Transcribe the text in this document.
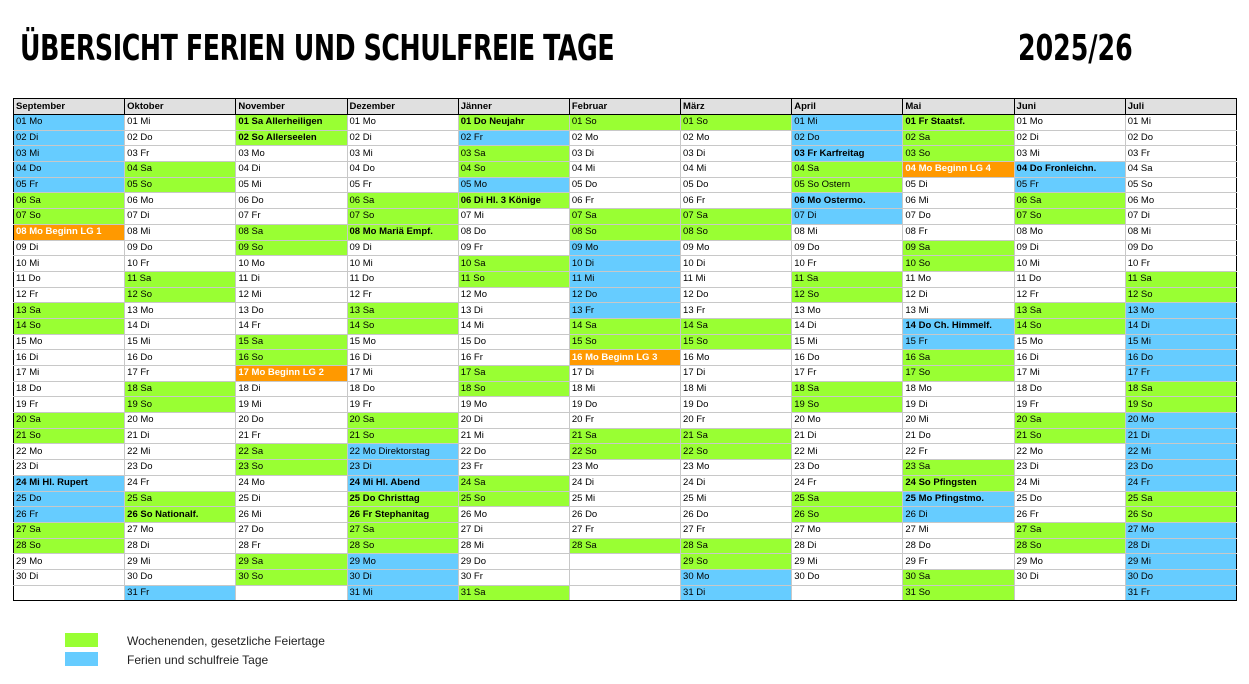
ÜBERSICHT FERIEN UND SCHULFREIE TAGE	2025/26
September	Oktober	November	Dezember	Jänner	Februar	März	April	Mai	Juni	Juli
01 Mo	01 Mi	01 Sa Allerheiligen	01 Mo	01 Do Neujahr	01 So	01 So	01 Mi	01 Fr Staatsf.	01 Mo	01 Mi
02 Di	02 Do	02 So Allerseelen	02 Di	02 Fr	02 Mo	02 Mo	02 Do	02 Sa	02 Di	02 Do
03 Mi	03 Fr	03 Mo	03 Mi	03 Sa	03 Di	03 Di	03 Fr Karfreitag	03 So	03 Mi	03 Fr
04 Do	04 Sa	04 Di	04 Do	04 So	04 Mi	04 Mi	04 Sa	04 Mo Beginn LG 4	04 Do Fronleichn.	04 Sa
05 Fr	05 So	05 Mi	05 Fr	05 Mo	05 Do	05 Do	05 So Ostern	05 Di	05 Fr	05 So
06 Sa	06 Mo	06 Do	06 Sa	06 Di Hl. 3 Könige	06 Fr	06 Fr	06 Mo Ostermo.	06 Mi	06 Sa	06 Mo
07 So	07 Di	07 Fr	07 So	07 Mi	07 Sa	07 Sa	07 Di	07 Do	07 So	07 Di
08 Mo Beginn LG 1	08 Mi	08 Sa	08 Mo Mariä Empf.	08 Do	08 So	08 So	08 Mi	08 Fr	08 Mo	08 Mi
09 Di	09 Do	09 So	09 Di	09 Fr	09 Mo	09 Mo	09 Do	09 Sa	09 Di	09 Do
10 Mi	10 Fr	10 Mo	10 Mi	10 Sa	10 Di	10 Di	10 Fr	10 So	10 Mi	10 Fr
11 Do	11 Sa	11 Di	11 Do	11 So	11 Mi	11 Mi	11 Sa	11 Mo	11 Do	11 Sa
12 Fr	12 So	12 Mi	12 Fr	12 Mo	12 Do	12 Do	12 So	12 Di	12 Fr	12 So
13 Sa	13 Mo	13 Do	13 Sa	13 Di	13 Fr	13 Fr	13 Mo	13 Mi	13 Sa	13 Mo
14 So	14 Di	14 Fr	14 So	14 Mi	14 Sa	14 Sa	14 Di	14 Do Ch. Himmelf.	14 So	14 Di
15 Mo	15 Mi	15 Sa	15 Mo	15 Do	15 So	15 So	15 Mi	15 Fr	15 Mo	15 Mi
16 Di	16 Do	16 So	16 Di	16 Fr	16 Mo Beginn LG 3	16 Mo	16 Do	16 Sa	16 Di	16 Do
17 Mi	17 Fr	17 Mo Beginn LG 2	17 Mi	17 Sa	17 Di	17 Di	17 Fr	17 So	17 Mi	17 Fr
18 Do	18 Sa	18 Di	18 Do	18 So	18 Mi	18 Mi	18 Sa	18 Mo	18 Do	18 Sa
19 Fr	19 So	19 Mi	19 Fr	19 Mo	19 Do	19 Do	19 So	19 Di	19 Fr	19 So
20 Sa	20 Mo	20 Do	20 Sa	20 Di	20 Fr	20 Fr	20 Mo	20 Mi	20 Sa	20 Mo
21 So	21 Di	21 Fr	21 So	21 Mi	21 Sa	21 Sa	21 Di	21 Do	21 So	21 Di
22 Mo	22 Mi	22 Sa	22 Mo Direktorstag	22 Do	22 So	22 So	22 Mi	22 Fr	22 Mo	22 Mi
23 Di	23 Do	23 So	23 Di	23 Fr	23 Mo	23 Mo	23 Do	23 Sa	23 Di	23 Do
24 Mi Hl. Rupert	24 Fr	24 Mo	24 Mi Hl. Abend	24 Sa	24 Di	24 Di	24 Fr	24 So Pfingsten	24 Mi	24 Fr
25 Do	25 Sa	25 Di	25 Do Christtag	25 So	25 Mi	25 Mi	25 Sa	25 Mo Pfingstmo.	25 Do	25 Sa
26 Fr	26 So Nationalf.	26 Mi	26 Fr Stephanitag	26 Mo	26 Do	26 Do	26 So	26 Di	26 Fr	26 So
27 Sa	27 Mo	27 Do	27 Sa	27 Di	27 Fr	27 Fr	27 Mo	27 Mi	27 Sa	27 Mo
28 So	28 Di	28 Fr	28 So	28 Mi	28 Sa	28 Sa	28 Di	28 Do	28 So	28 Di
29 Mo	29 Mi	29 Sa	29 Mo	29 Do		29 So	29 Mi	29 Fr	29 Mo	29 Mi
30 Di	30 Do	30 So	30 Di	30 Fr		30 Mo	30 Do	30 Sa	30 Di	30 Do
	31 Fr		31 Mi	31 Sa		31 Di		31 So		31 Fr
Wochenenden, gesetzliche Feiertage
Ferien und schulfreie Tage
